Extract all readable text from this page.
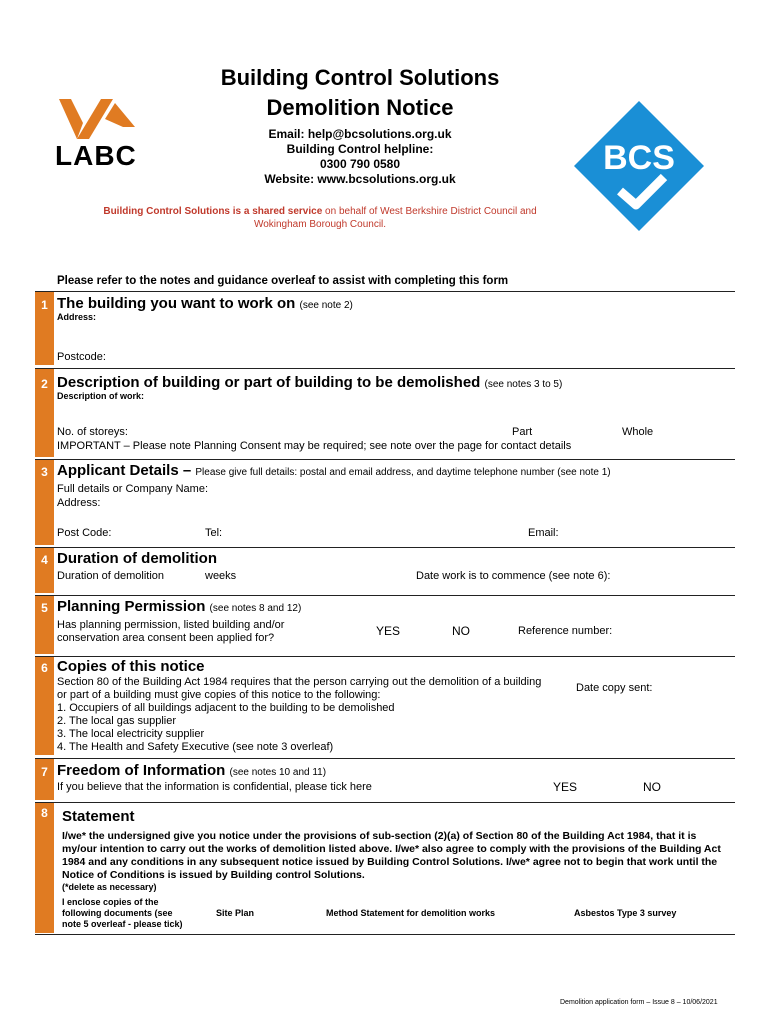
LABC
Building Control Solutions
Demolition Notice
Email: help@bcsolutions.org.uk
Building Control helpline:
0300 790 0580
Website: www.bcsolutions.org.uk
BCS
Building Control Solutions is a shared service on behalf of West Berkshire District Council and
Wokingham Borough Council.
Please refer to the notes and guidance overleaf to assist with completing this form
1 The building you want to work on (see note 2)
Address:
Postcode:
2 Description of building or part of building to be demolished (see notes 3 to 5)
Description of work:
No. of storeys:	Part	Whole
IMPORTANT – Please note Planning Consent may be required; see note over the page for contact details
3 Applicant Details – Please give full details: postal and email address, and daytime telephone number (see note 1)
Full details or Company Name:
Address:
Post Code:	Tel:	Email:
4 Duration of demolition
Duration of demolition	weeks	Date work is to commence (see note 6):
5 Planning Permission (see notes 8 and 12)
Has planning permission, listed building and/or
conservation area consent been applied for?	YES	NO	Reference number:
6 Copies of this notice
Section 80 of the Building Act 1984 requires that the person carrying out the demolition of a building
or part of a building must give copies of this notice to the following:
1. Occupiers of all buildings adjacent to the building to be demolished
2. The local gas supplier
3. The local electricity supplier
4. The Health and Safety Executive (see note 3 overleaf)
Date copy sent:
7 Freedom of Information (see notes 10 and 11)
If you believe that the information is confidential, please tick here	YES	NO
8 Statement
I/we* the undersigned give you notice under the provisions of sub-section (2)(a) of Section 80 of the Building Act 1984, that it is my/our intention to carry out the works of demolition listed above. I/we* also agree to comply with the provisions of the Building Act 1984 and any conditions in any subsequent notice issued by Building Control Solutions. I/we* agree not to begin that work until the Notice of Conditions is issued by Building control Solutions.
(*delete as necessary)
I enclose copies of the
following documents (see
note 5 overleaf - please tick)
Site Plan	Method Statement for demolition works	Asbestos Type 3 survey
Demolition application form – Issue 8 – 10/06/2021
